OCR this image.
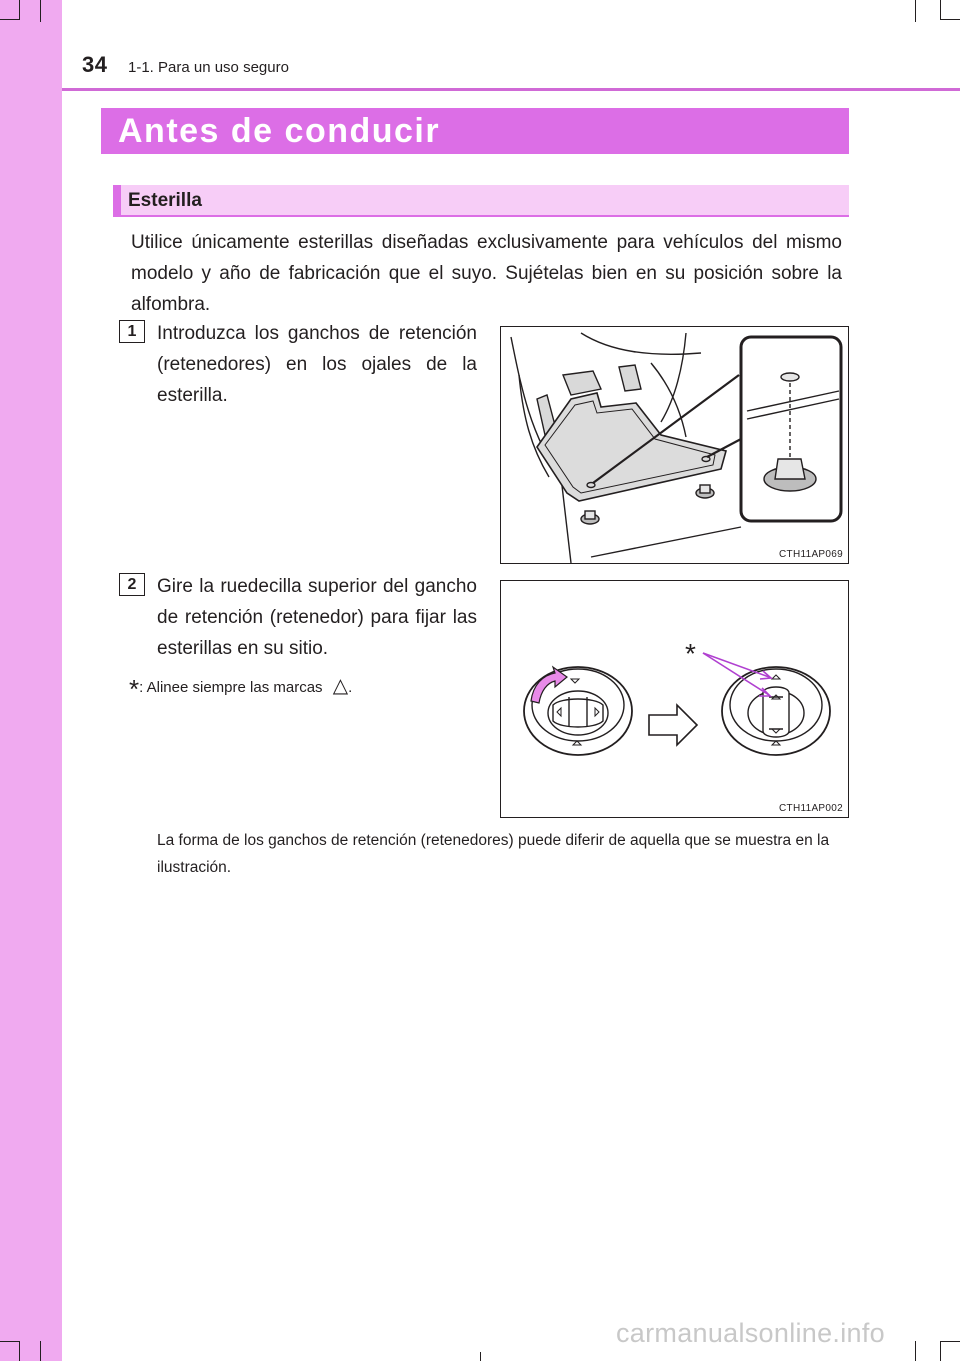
34 1-1. Para un uso seguro
Antes de conducir
Esterilla
Utilice únicamente esterillas diseñadas exclusivamente para vehículos del mismo modelo y año de fabricación que el suyo. Sujételas bien en su posición sobre la alfombra.
1	Introduzca los ganchos de retención (retenedores) en los ojales de la esterilla.
CTH11AP069
2	Gire la ruedecilla superior del gancho de retención (retenedor) para fijar las esterillas en su sitio.
*: Alinee siempre las marcas △.
*
CTH11AP002
La forma de los ganchos de retención (retenedores) puede diferir de aquella que se muestra en la ilustración.
carmanualsonline.info
